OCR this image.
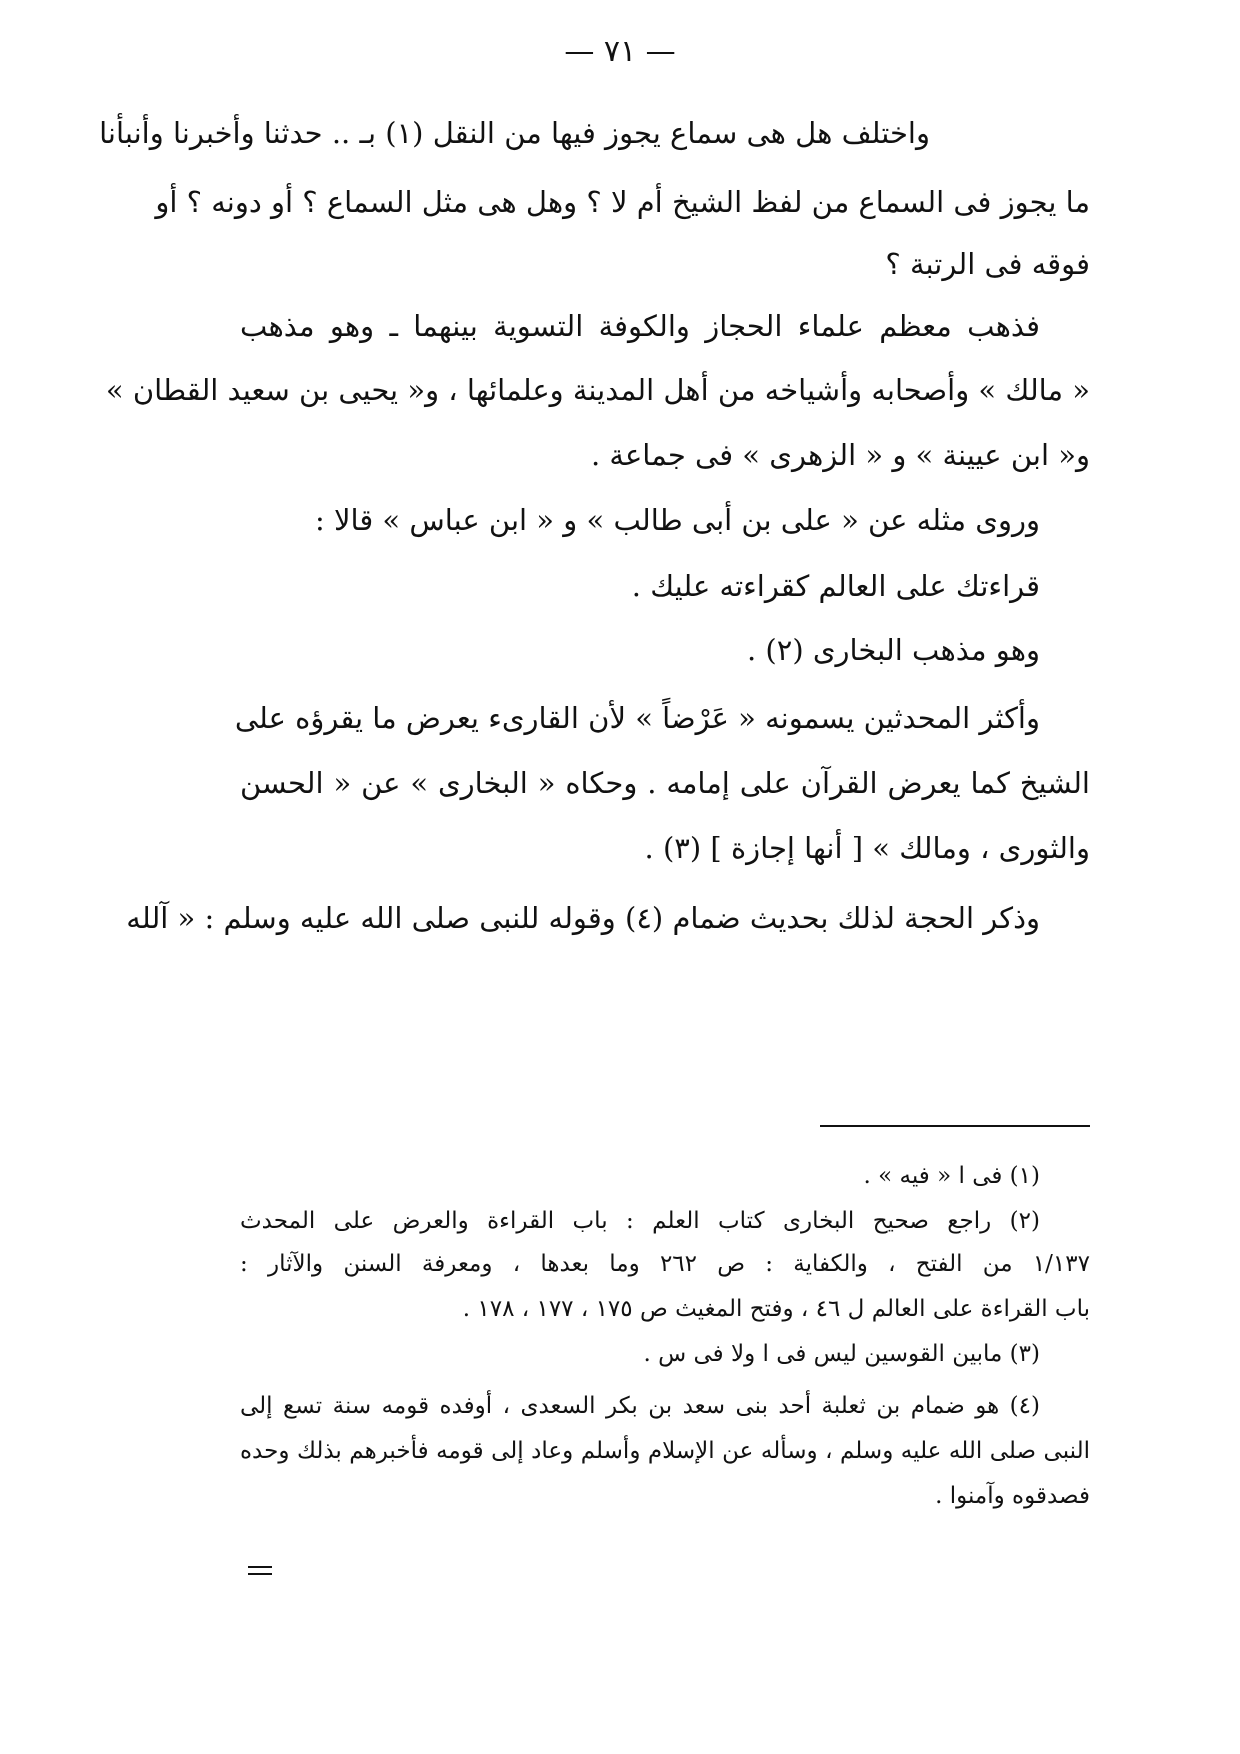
— ٧١ —
واختلف هل هى سماع يجوز فيها من النقل (١) بـ .. حدثنا وأخبرنا وأنبأنا
ما يجوز فى السماع من لفظ الشيخ أم لا ؟ وهل هى مثل السماع ؟ أو دونه ؟ أو
فوقه فى الرتبة ؟
فذهب معظم علماء الحجاز والكوفة التسوية بينهما ـ وهو مذهب
« مالك » وأصحابه وأشياخه من أهل المدينة وعلمائها ، و« يحيى بن سعيد القطان »
و« ابن عيينة » و « الزهرى » فى جماعة .
وروى مثله عن « على بن أبى طالب » و « ابن عباس » قالا :
قراءتك على العالم كقراءته عليك .
وهو مذهب البخارى (٢) .
وأكثر المحدثين يسمونه « عَرْضاً » لأن القارىء يعرض ما يقرؤه على
الشيخ كما يعرض القرآن على إمامه . وحكاه « البخارى » عن « الحسن
والثورى ، ومالك » [ أنها إجازة ] (٣) .
وذكر الحجة لذلك بحديث ضمام (٤) وقوله للنبى صلى الله عليه وسلم : « آلله
(١) فى ا « فيه » .
(٢) راجع صحيح البخارى كتاب العلم : باب القراءة والعرض على المحدث
١/١٣٧ من الفتح ، والكفاية : ص ٢٦٢ وما بعدها ، ومعرفة السنن والآثار :
باب القراءة على العالم ل ٤٦ ، وفتح المغيث ص ١٧٥ ، ١٧٧ ، ١٧٨ .
(٣) مابين القوسين ليس فى ا ولا فى س .
(٤) هو ضمام بن ثعلبة أحد بنى سعد بن بكر السعدى ، أوفده قومه سنة تسع إلى
النبى صلى الله عليه وسلم ، وسأله عن الإسلام وأسلم وعاد إلى قومه فأخبرهم بذلك وحده
فصدقوه وآمنوا .
